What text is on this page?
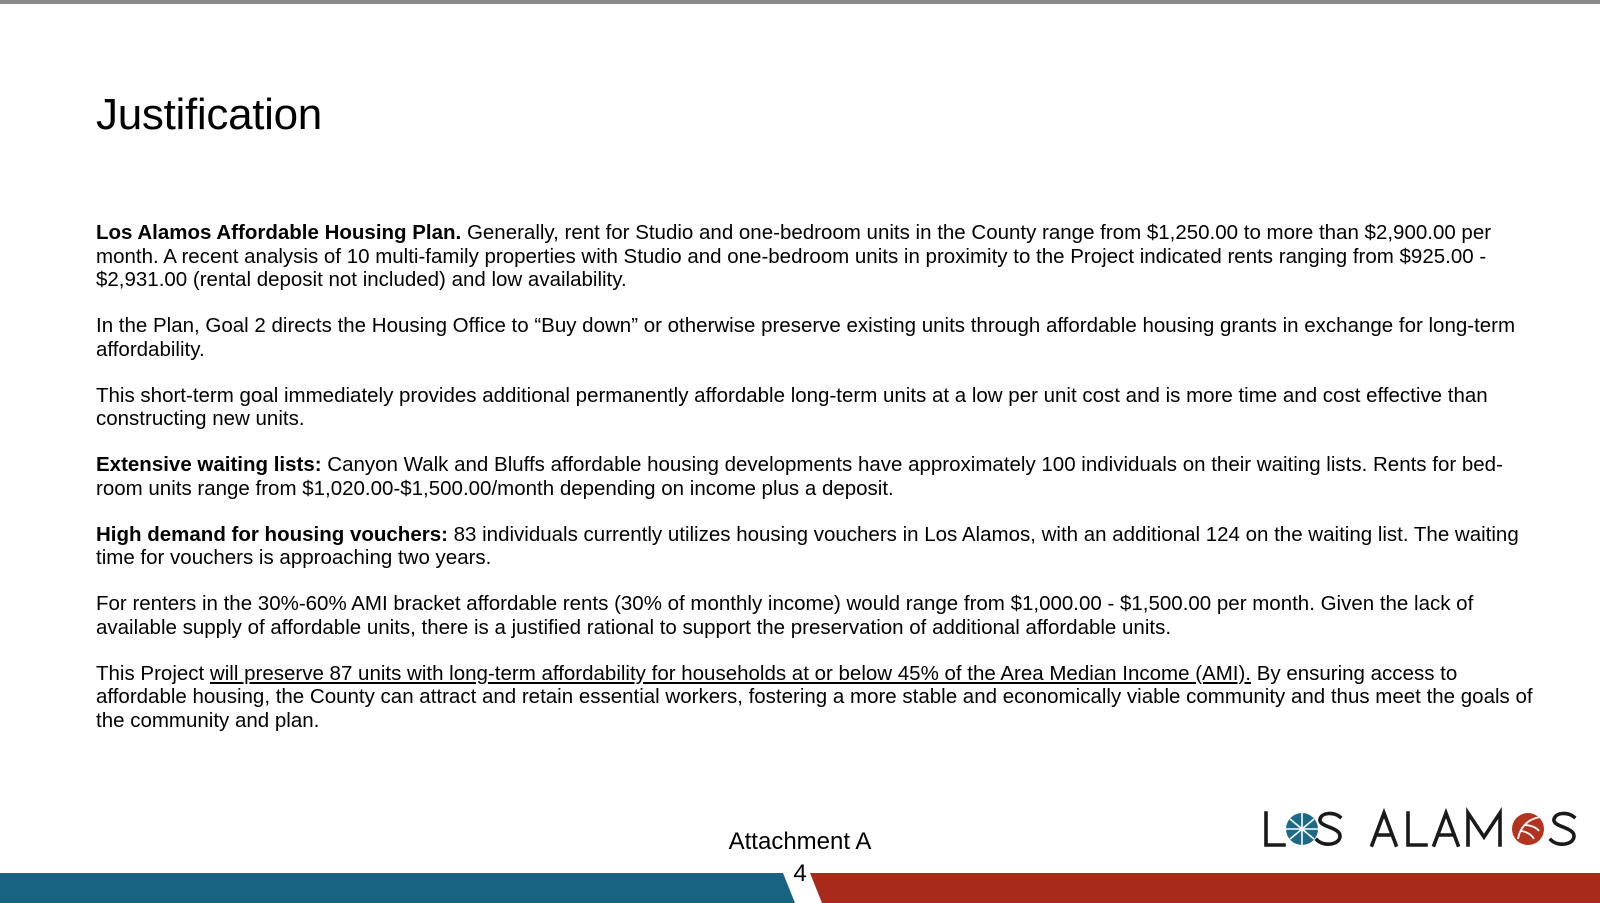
Justification

Los Alamos Affordable Housing Plan. Generally, rent for Studio and one-bedroom units in the County range from $1,250.00 to more than $2,900.00 per month. A recent analysis of 10 multi-family properties with Studio and one-bedroom units in proximity to the Project indicated rents ranging from $925.00 - $2,931.00 (rental deposit not included) and low availability.

In the Plan, Goal 2 directs the Housing Office to “Buy down” or otherwise preserve existing units through affordable housing grants in exchange for long-term affordability.

This short-term goal immediately provides additional permanently affordable long-term units at a low per unit cost and is more time and cost effective than constructing new units.

Extensive waiting lists: Canyon Walk and Bluffs affordable housing developments have approximately 100 individuals on their waiting lists. Rents for bed-room units range from $1,020.00-$1,500.00/month depending on income plus a deposit.

High demand for housing vouchers: 83 individuals currently utilizes housing vouchers in Los Alamos, with an additional 124 on the waiting list. The waiting time for vouchers is approaching two years.

For renters in the 30%-60% AMI bracket affordable rents (30% of monthly income) would range from $1,000.00 - $1,500.00 per month. Given the lack of available supply of affordable units, there is a justified rational to support the preservation of additional affordable units.

This Project will preserve 87 units with long-term affordability for households at or below 45% of the Area Median Income (AMI). By ensuring access to affordable housing, the County can attract and retain essential workers, fostering a more stable and economically viable community and thus meet the goals of the community and plan.

Attachment A
4
